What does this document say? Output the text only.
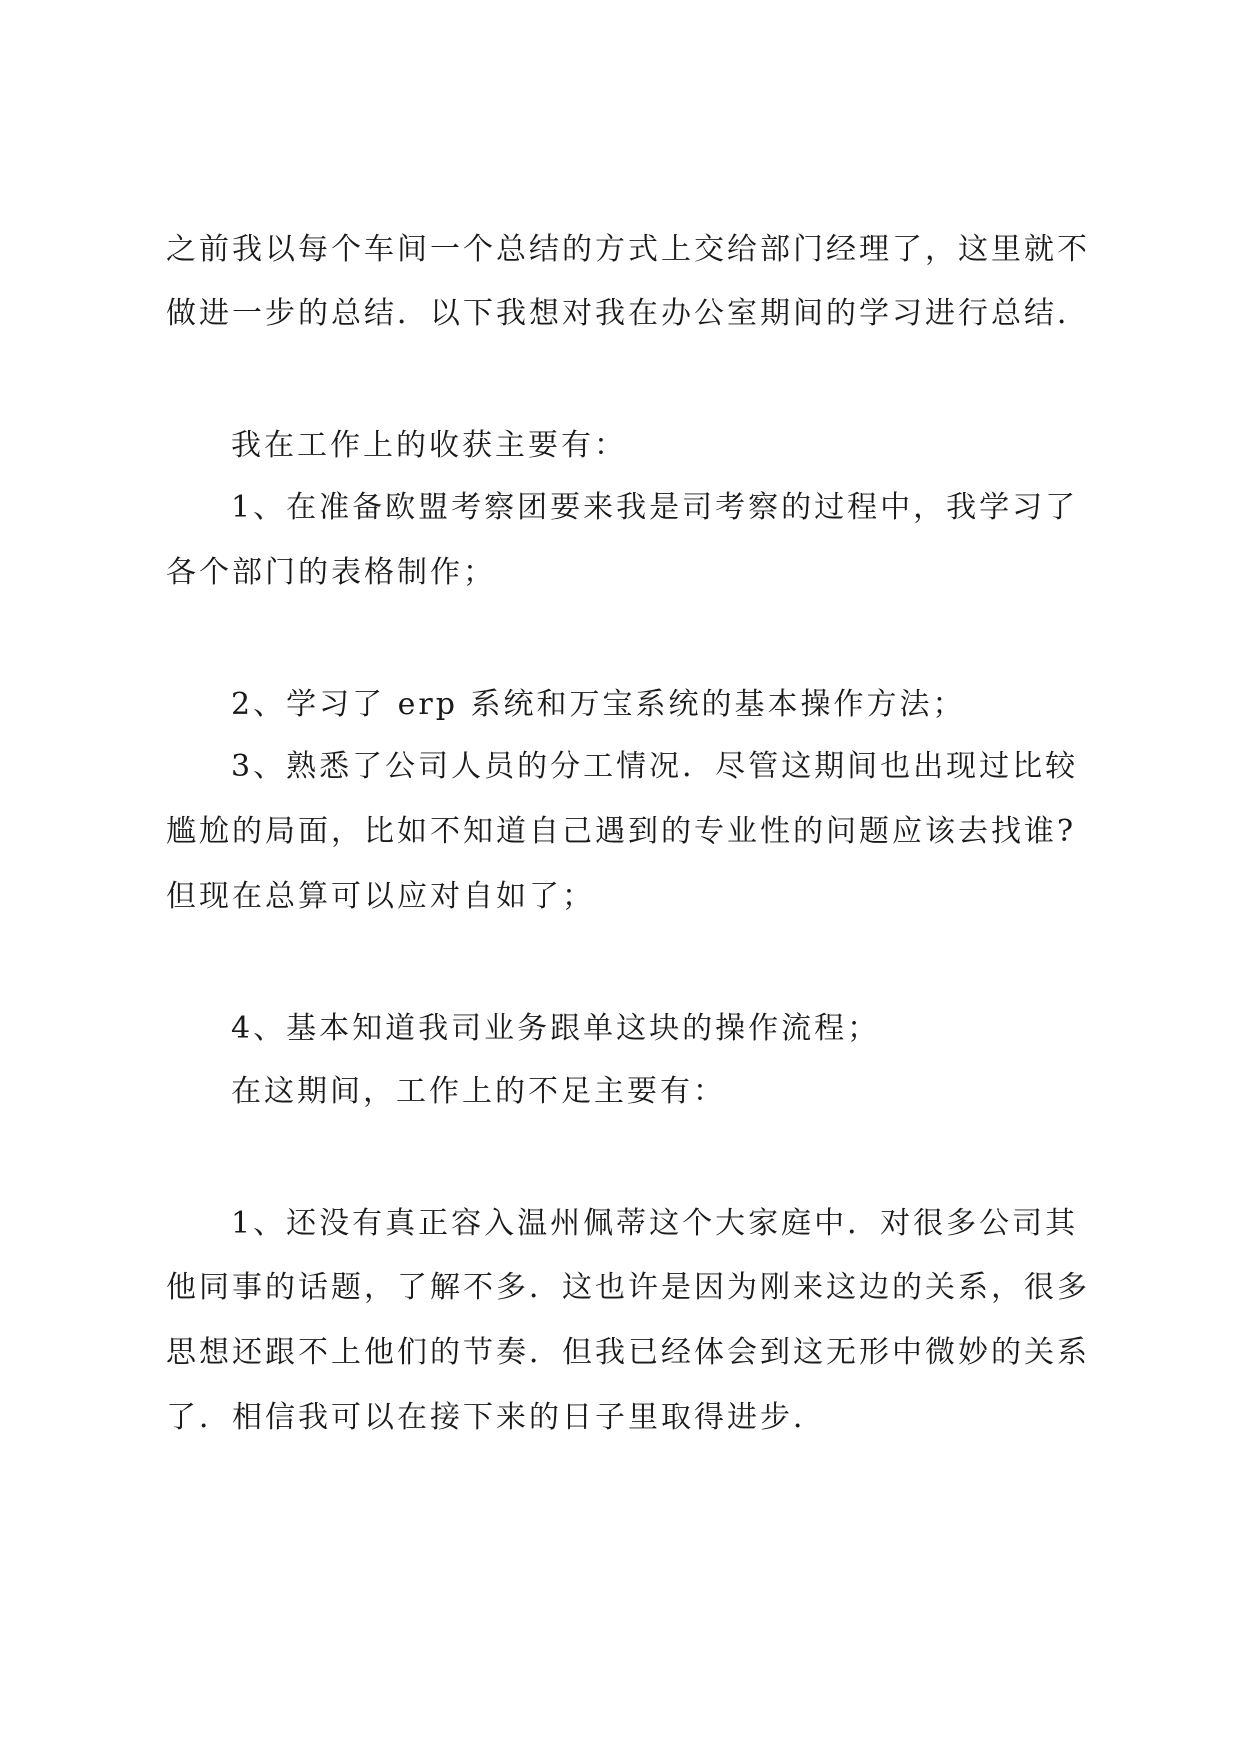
之前我以每个车间一个总结的方式上交给部门经理了，这里就不
做进一步的总结．以下我想对我在办公室期间的学习进行总结．
我在工作上的收获主要有：
1、在准备欧盟考察团要来我是司考察的过程中，我学习了
各个部门的表格制作；
2、学习了 erp 系统和万宝系统的基本操作方法；
3、熟悉了公司人员的分工情况．尽管这期间也出现过比较
尴尬的局面，比如不知道自己遇到的专业性的问题应该去找谁?
但现在总算可以应对自如了；
4、基本知道我司业务跟单这块的操作流程；
在这期间，工作上的不足主要有：
1、还没有真正容入温州佩蒂这个大家庭中．对很多公司其
他同事的话题，了解不多．这也许是因为刚来这边的关系，很多
思想还跟不上他们的节奏．但我已经体会到这无形中微妙的关系
了．相信我可以在接下来的日子里取得进步．
